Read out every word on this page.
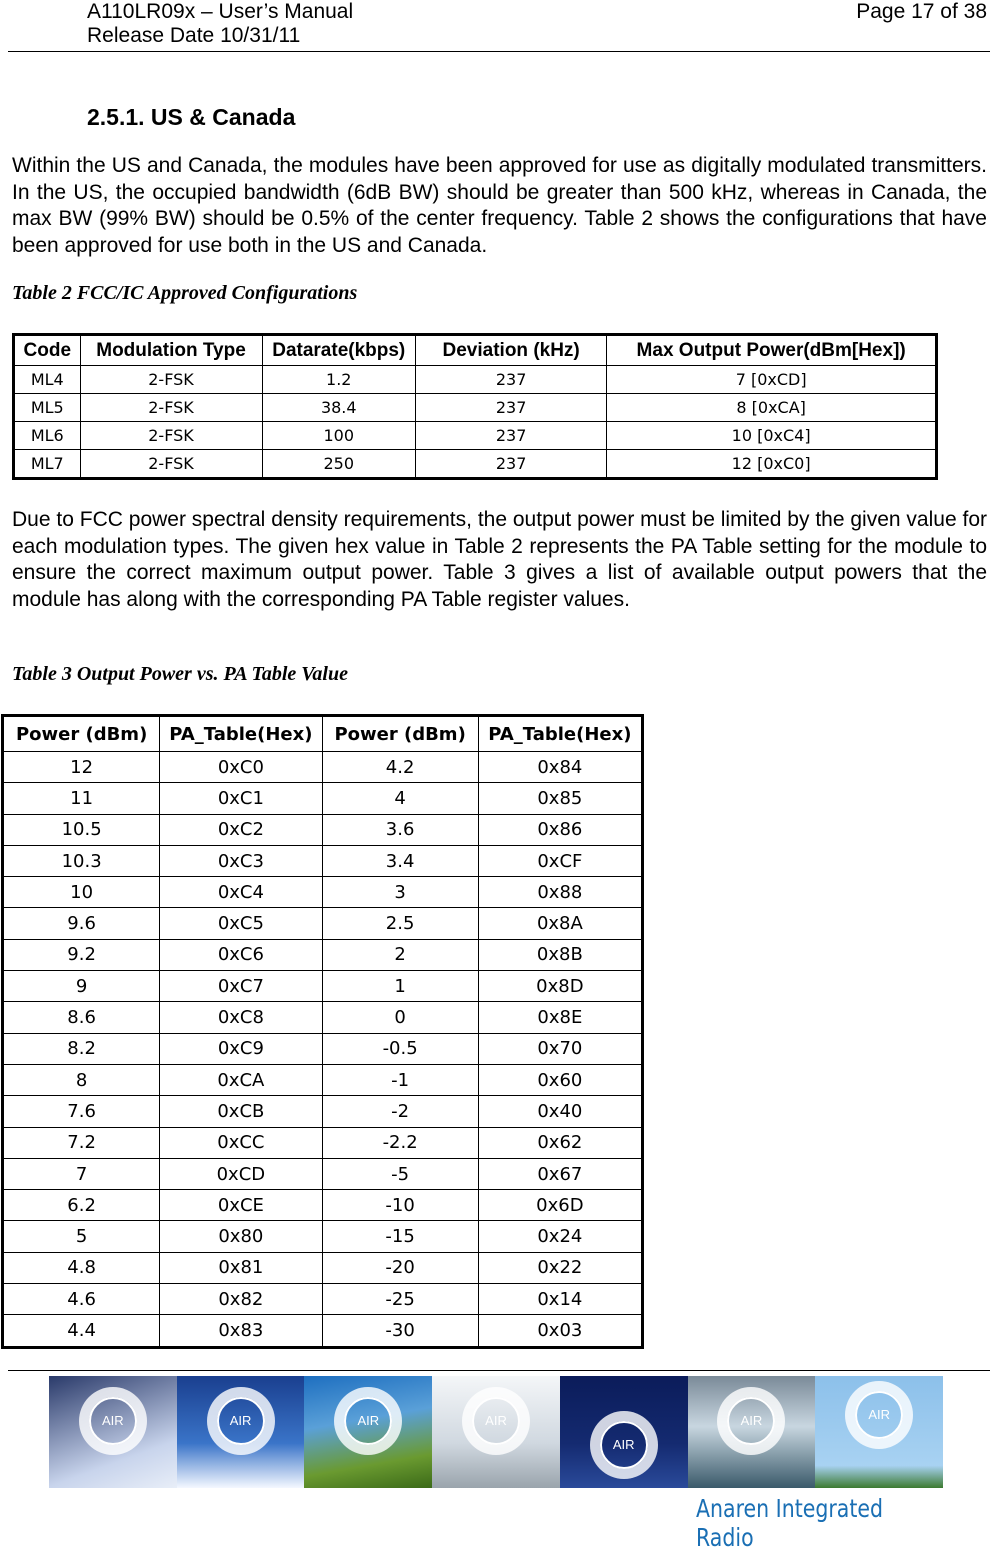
A110LR09x – User’s Manual
Release Date 10/31/11
Page 17 of 38
2.5.1. US & Canada

Within the US and Canada, the modules have been approved for use as digitally modulated transmitters. In the US, the occupied bandwidth (6dB BW) should be greater than 500 kHz, whereas in Canada, the max BW (99% BW) should be 0.5% of the center frequency. Table 2 shows the configurations that have been approved for use both in the US and Canada.

Table 2 FCC/IC Approved Configurations
Code	Modulation Type	Datarate(kbps)	Deviation (kHz)	Max Output Power(dBm[Hex])
ML4	2-FSK	1.2	237	7 [0xCD]
ML5	2-FSK	38.4	237	8 [0xCA]
ML6	2-FSK	100	237	10 [0xC4]
ML7	2-FSK	250	237	12 [0xC0]

Due to FCC power spectral density requirements, the output power must be limited by the given value for each modulation types. The given hex value in Table 2 represents the PA Table setting for the module to ensure the correct maximum output power. Table 3 gives a list of available output powers that the module has along with the corresponding PA Table register values.

Table 3 Output Power vs. PA Table Value
Power (dBm)	PA_Table(Hex)	Power (dBm)	PA_Table(Hex)
12	0xC0	4.2	0x84
11	0xC1	4	0x85
10.5	0xC2	3.6	0x86
10.3	0xC3	3.4	0xCF
10	0xC4	3	0x88
9.6	0xC5	2.5	0x8A
9.2	0xC6	2	0x8B
9	0xC7	1	0x8D
8.6	0xC8	0	0x8E
8.2	0xC9	-0.5	0x70
8	0xCA	-1	0x60
7.6	0xCB	-2	0x40
7.2	0xCC	-2.2	0x62
7	0xCD	-5	0x67
6.2	0xCE	-10	0x6D
5	0x80	-15	0x24
4.8	0x81	-20	0x22
4.6	0x82	-25	0x14
4.4	0x83	-30	0x03
AIR	AIR	AIR	AIR
AIR
AIR	AIR
Anaren Integrated Radio
